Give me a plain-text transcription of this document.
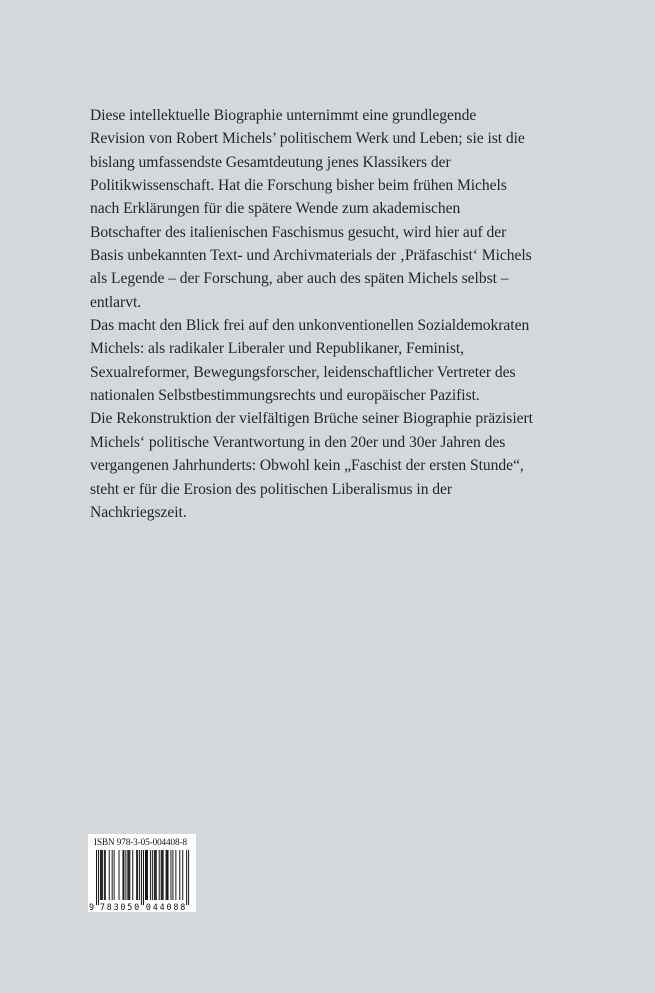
Diese intellektuelle Biographie unternimmt eine grundlegende
Revision von Robert Michels’ politischem Werk und Leben; sie ist die
bislang umfassendste Gesamtdeutung jenes Klassikers der
Politikwissenschaft. Hat die Forschung bisher beim frühen Michels
nach Erklärungen für die spätere Wende zum akademischen
Botschafter des italienischen Faschismus gesucht, wird hier auf der
Basis unbekannten Text- und Archivmaterials der ‚Präfaschist‘ Michels
als Legende – der Forschung, aber auch des späten Michels selbst –
entlarvt.
Das macht den Blick frei auf den unkonventionellen Sozialdemokraten
Michels: als radikaler Liberaler und Republikaner, Feminist,
Sexualreformer, Bewegungsforscher, leidenschaftlicher Vertreter des
nationalen Selbstbestimmungsrechts und europäischer Pazifist.
Die Rekonstruktion der vielfältigen Brüche seiner Biographie präzisiert
Michels‘ politische Verantwortung in den 20er und 30er Jahren des
vergangenen Jahrhunderts: Obwohl kein „Faschist der ersten Stunde“,
steht er für die Erosion des politischen Liberalismus in der
Nachkriegszeit.
ISBN 978-3-05-004408-8
9 7 8 3 0 5 0 0 4 4 0 8 8
